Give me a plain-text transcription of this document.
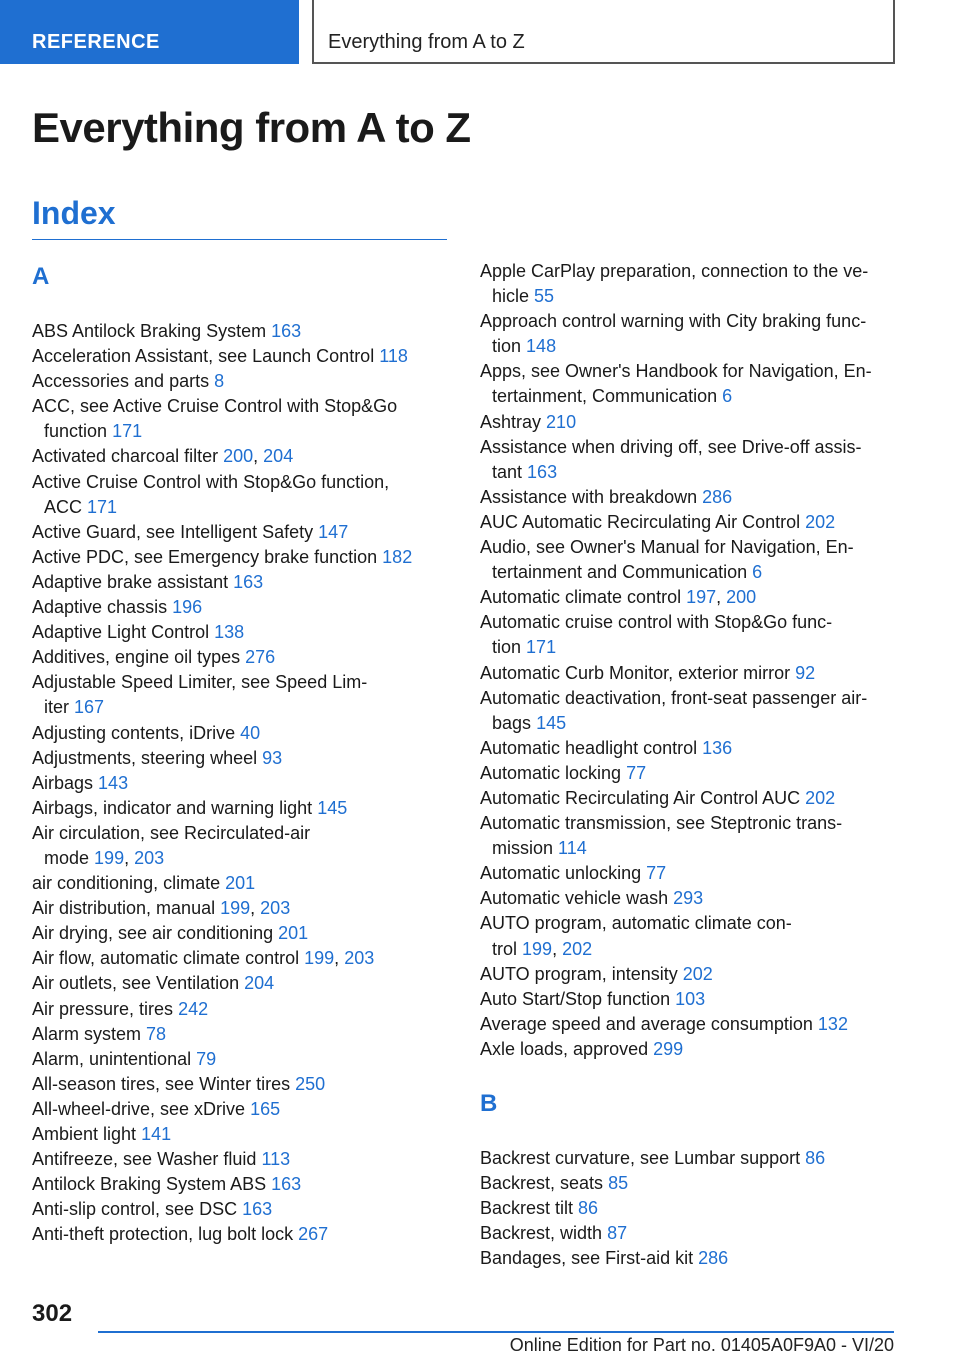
REFERENCE	Everything from A to Z
Everything from A to Z
Index
A
ABS Antilock Braking System 163
Acceleration Assistant, see Launch Control 118
Accessories and parts 8
ACC, see Active Cruise Control with Stop&Go
function 171
Activated charcoal filter 200, 204
Active Cruise Control with Stop&Go function,
ACC 171
Active Guard, see Intelligent Safety 147
Active PDC, see Emergency brake function 182
Adaptive brake assistant 163
Adaptive chassis 196
Adaptive Light Control 138
Additives, engine oil types 276
Adjustable Speed Limiter, see Speed Lim-
iter 167
Adjusting contents, iDrive 40
Adjustments, steering wheel 93
Airbags 143
Airbags, indicator and warning light 145
Air circulation, see Recirculated-air
mode 199, 203
air conditioning, climate 201
Air distribution, manual 199, 203
Air drying, see air conditioning 201
Air flow, automatic climate control 199, 203
Air outlets, see Ventilation 204
Air pressure, tires 242
Alarm system 78
Alarm, unintentional 79
All-season tires, see Winter tires 250
All-wheel-drive, see xDrive 165
Ambient light 141
Antifreeze, see Washer fluid 113
Antilock Braking System ABS 163
Anti-slip control, see DSC 163
Anti-theft protection, lug bolt lock 267
Apple CarPlay preparation, connection to the ve-
hicle 55
Approach control warning with City braking func-
tion 148
Apps, see Owner's Handbook for Navigation, En-
tertainment, Communication 6
Ashtray 210
Assistance when driving off, see Drive-off assis-
tant 163
Assistance with breakdown 286
AUC Automatic Recirculating Air Control 202
Audio, see Owner's Manual for Navigation, En-
tertainment and Communication 6
Automatic climate control 197, 200
Automatic cruise control with Stop&Go func-
tion 171
Automatic Curb Monitor, exterior mirror 92
Automatic deactivation, front-seat passenger air-
bags 145
Automatic headlight control 136
Automatic locking 77
Automatic Recirculating Air Control AUC 202
Automatic transmission, see Steptronic trans-
mission 114
Automatic unlocking 77
Automatic vehicle wash 293
AUTO program, automatic climate con-
trol 199, 202
AUTO program, intensity 202
Auto Start/Stop function 103
Average speed and average consumption 132
Axle loads, approved 299
B
Backrest curvature, see Lumbar support 86
Backrest, seats 85
Backrest tilt 86
Backrest, width 87
Bandages, see First-aid kit 286
302
Online Edition for Part no. 01405A0F9A0 - VI/20
